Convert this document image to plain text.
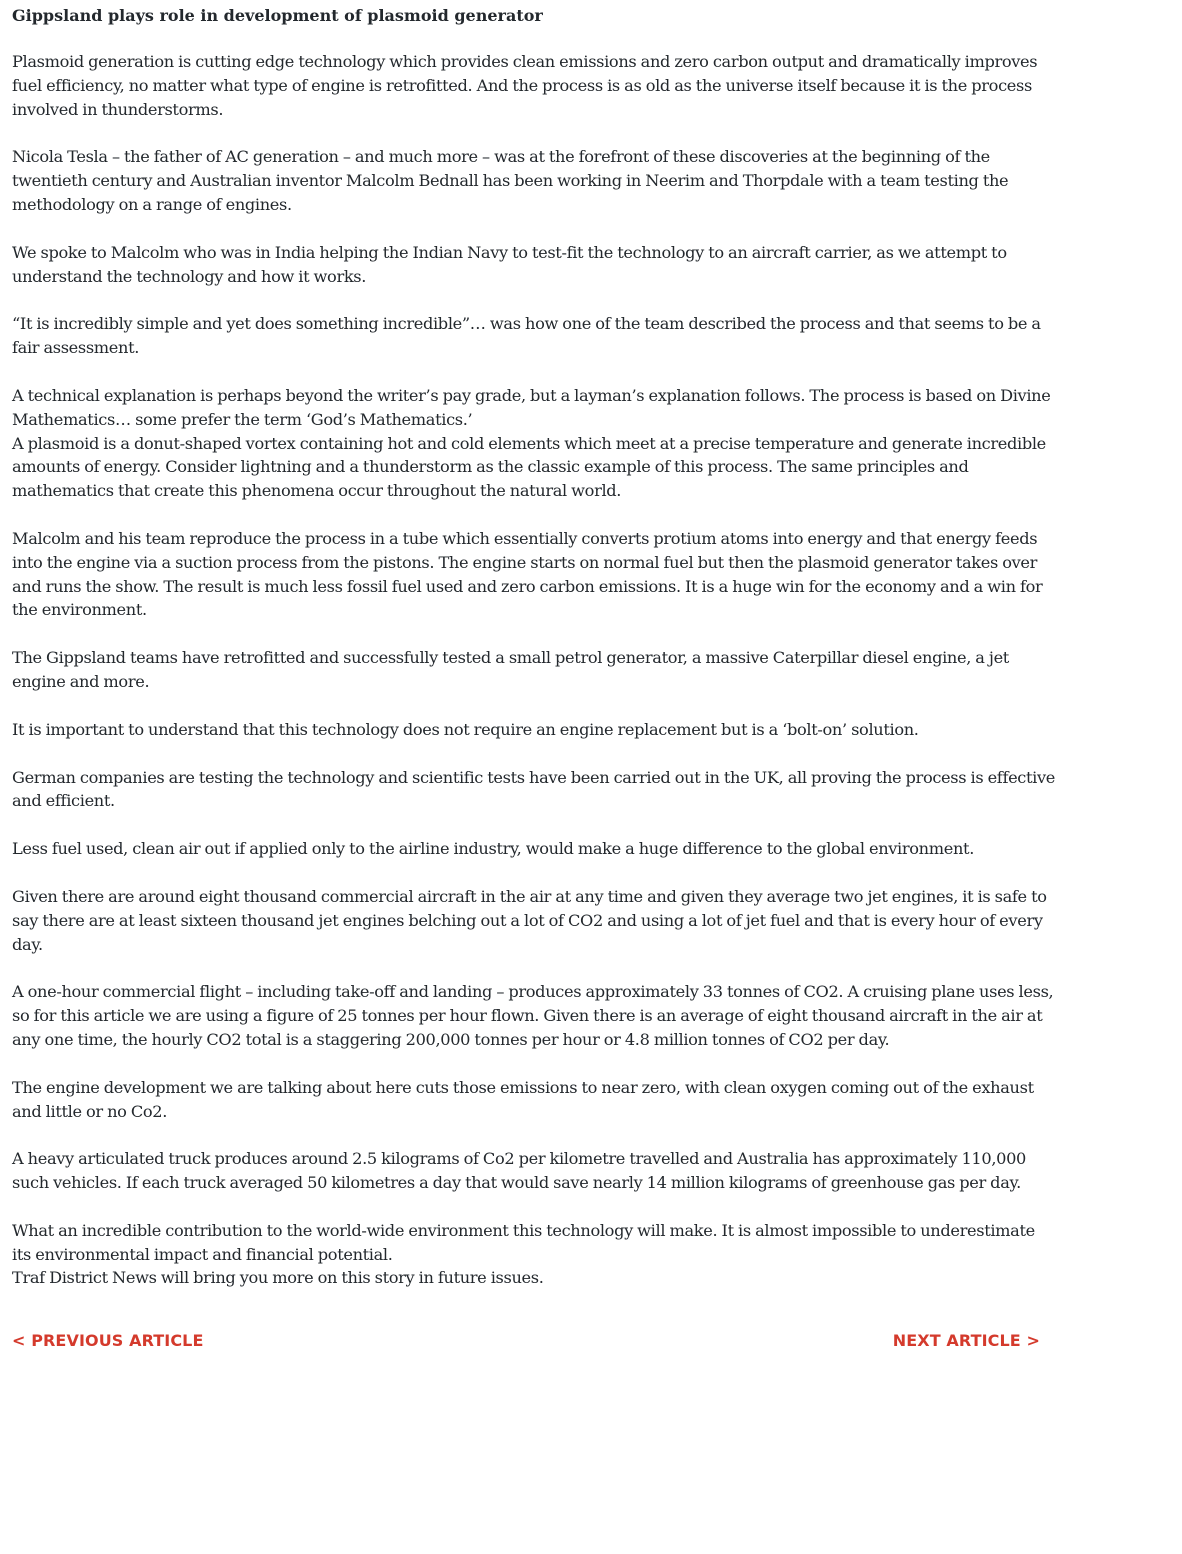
Gippsland plays role in development of plasmoid generator

Plasmoid generation is cutting edge technology which provides clean emissions and zero carbon output and dramatically improves fuel efficiency, no matter what type of engine is retrofitted. And the process is as old as the universe itself because it is the process involved in thunderstorms.

Nicola Tesla – the father of AC generation – and much more – was at the forefront of these discoveries at the beginning of the twentieth century and Australian inventor Malcolm Bednall has been working in Neerim and Thorpdale with a team testing the methodology on a range of engines.

We spoke to Malcolm who was in India helping the Indian Navy to test-fit the technology to an aircraft carrier, as we attempt to understand the technology and how it works.

“It is incredibly simple and yet does something incredible”… was how one of the team described the process and that seems to be a fair assessment.

A technical explanation is perhaps beyond the writer’s pay grade, but a layman’s explanation follows. The process is based on Divine Mathematics… some prefer the term ‘God’s Mathematics.’

A plasmoid is a donut-shaped vortex containing hot and cold elements which meet at a precise temperature and generate incredible amounts of energy. Consider lightning and a thunderstorm as the classic example of this process. The same principles and mathematics that create this phenomena occur throughout the natural world.

Malcolm and his team reproduce the process in a tube which essentially converts protium atoms into energy and that energy feeds into the engine via a suction process from the pistons. The engine starts on normal fuel but then the plasmoid generator takes over and runs the show. The result is much less fossil fuel used and zero carbon emissions. It is a huge win for the economy and a win for the environment.

The Gippsland teams have retrofitted and successfully tested a small petrol generator, a massive Caterpillar diesel engine, a jet engine and more.

It is important to understand that this technology does not require an engine replacement but is a ‘bolt-on’ solution.

German companies are testing the technology and scientific tests have been carried out in the UK, all proving the process is effective and efficient.

Less fuel used, clean air out if applied only to the airline industry, would make a huge difference to the global environment.

Given there are around eight thousand commercial aircraft in the air at any time and given they average two jet engines, it is safe to say there are at least sixteen thousand jet engines belching out a lot of CO2 and using a lot of jet fuel and that is every hour of every day.

A one-hour commercial flight – including take-off and landing – produces approximately 33 tonnes of CO2. A cruising plane uses less, so for this article we are using a figure of 25 tonnes per hour flown. Given there is an average of eight thousand aircraft in the air at any one time, the hourly CO2 total is a staggering 200,000 tonnes per hour or 4.8 million tonnes of CO2 per day.

The engine development we are talking about here cuts those emissions to near zero, with clean oxygen coming out of the exhaust and little or no Co2.

A heavy articulated truck produces around 2.5 kilograms of Co2 per kilometre travelled and Australia has approximately 110,000 such vehicles. If each truck averaged 50 kilometres a day that would save nearly 14 million kilograms of greenhouse gas per day.

What an incredible contribution to the world-wide environment this technology will make. It is almost impossible to underestimate its environmental impact and financial potential.

Traf District News will bring you more on this story in future issues.

< PREVIOUS ARTICLE	NEXT ARTICLE >
